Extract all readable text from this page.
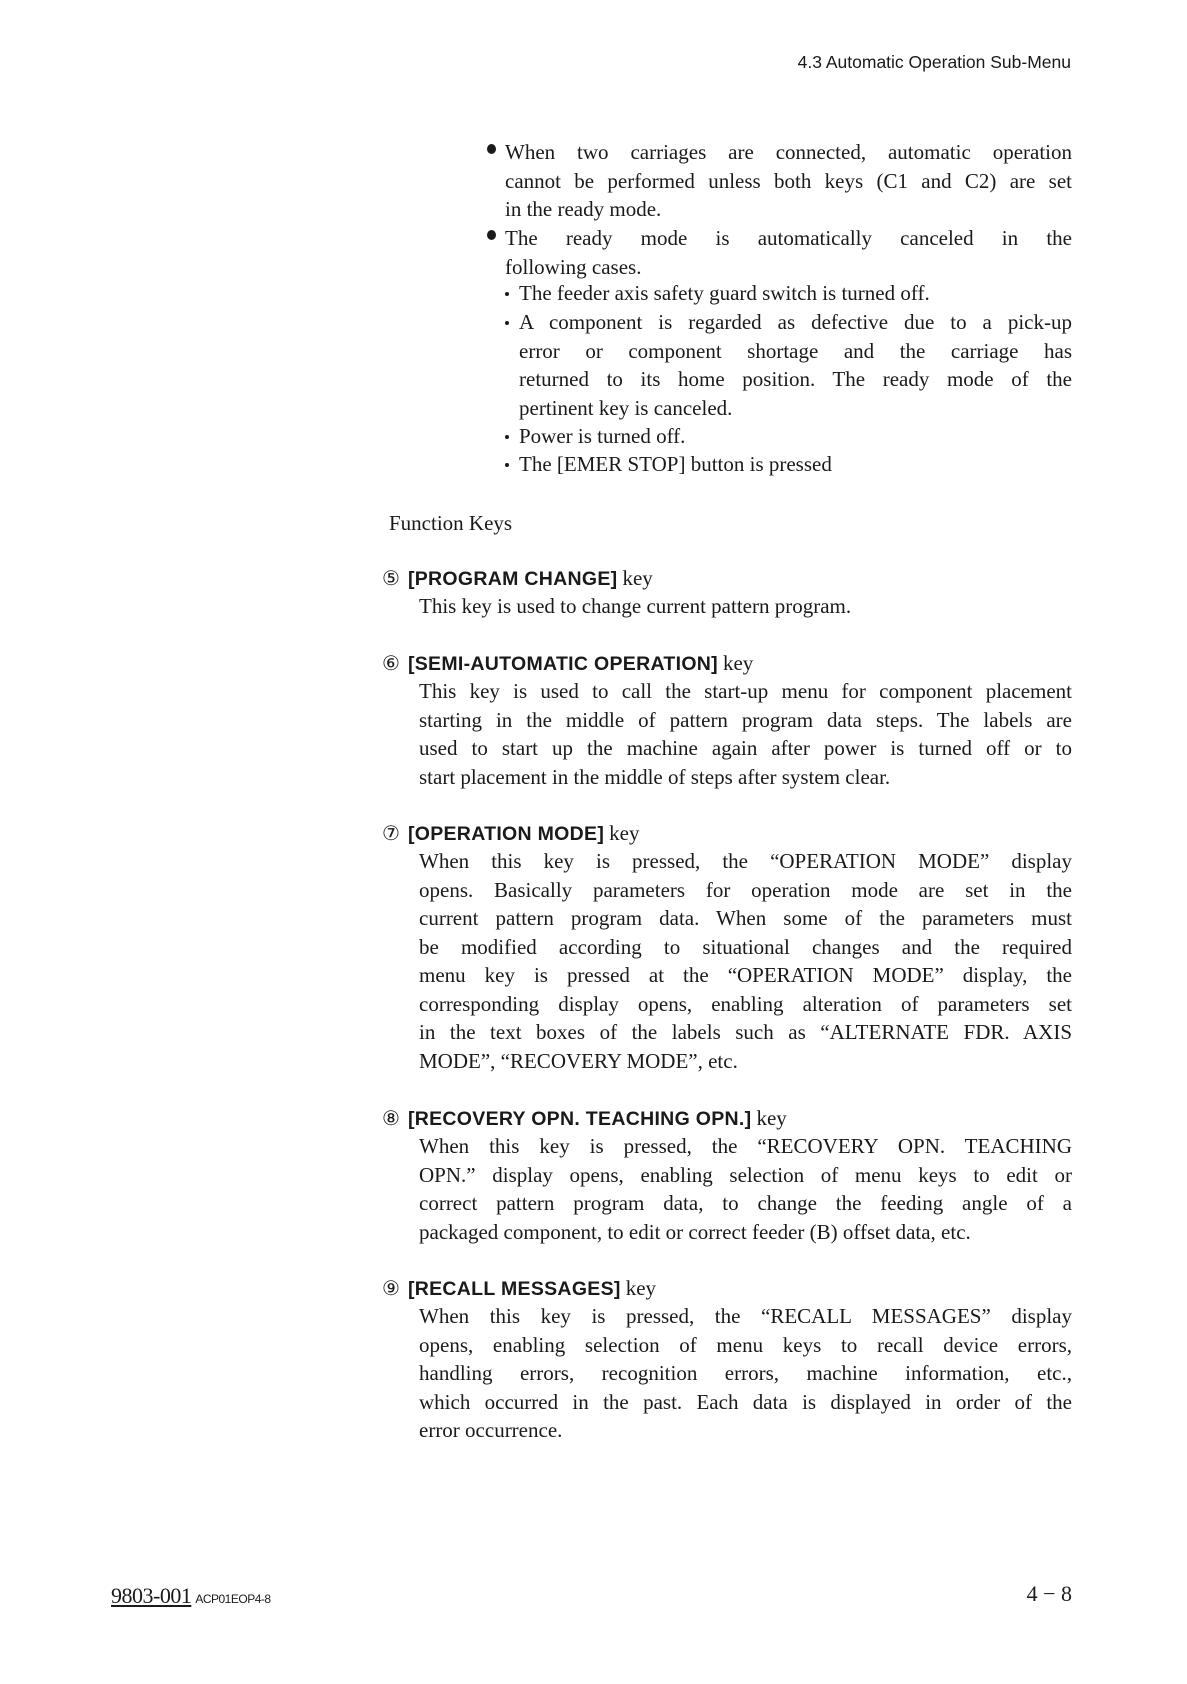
4.3 Automatic Operation Sub-Menu
When two carriages are connected, automatic operation
cannot be performed unless both keys (C1 and C2) are set
in the ready mode.
The ready mode is automatically canceled in the
following cases.
The feeder axis safety guard switch is turned off.
A component is regarded as defective due to a pick-up
error or component shortage and the carriage has
returned to its home position. The ready mode of the
pertinent key is canceled.
Power is turned off.
The [EMER STOP] button is pressed
⑤ [PROGRAM CHANGE] key
This key is used to change current pattern program.
⑥ [SEMI-AUTOMATIC OPERATION] key
This key is used to call the start-up menu for component placement
starting in the middle of pattern program data steps. The labels are
used to start up the machine again after power is turned off or to
start placement in the middle of steps after system clear.
⑦ [OPERATION MODE] key
When this key is pressed, the “OPERATION MODE” display
opens. Basically parameters for operation mode are set in the
current pattern program data. When some of the parameters must
be modified according to situational changes and the required
menu key is pressed at the “OPERATION MODE” display, the
corresponding display opens, enabling alteration of parameters set
in the text boxes of the labels such as “ALTERNATE FDR. AXIS
MODE”, “RECOVERY MODE”, etc.
⑧ [RECOVERY OPN. TEACHING OPN.] key
When this key is pressed, the “RECOVERY OPN. TEACHING
OPN.” display opens, enabling selection of menu keys to edit or
correct pattern program data, to change the feeding angle of a
packaged component, to edit or correct feeder (B) offset data, etc.
⑨ [RECALL MESSAGES] key
When this key is pressed, the “RECALL MESSAGES” display
opens, enabling selection of menu keys to recall device errors,
handling errors, recognition errors, machine information, etc.,
which occurred in the past. Each data is displayed in order of the
error occurrence.
Function Keys
9803-001 ACP01EOP4-8	4 − 8
